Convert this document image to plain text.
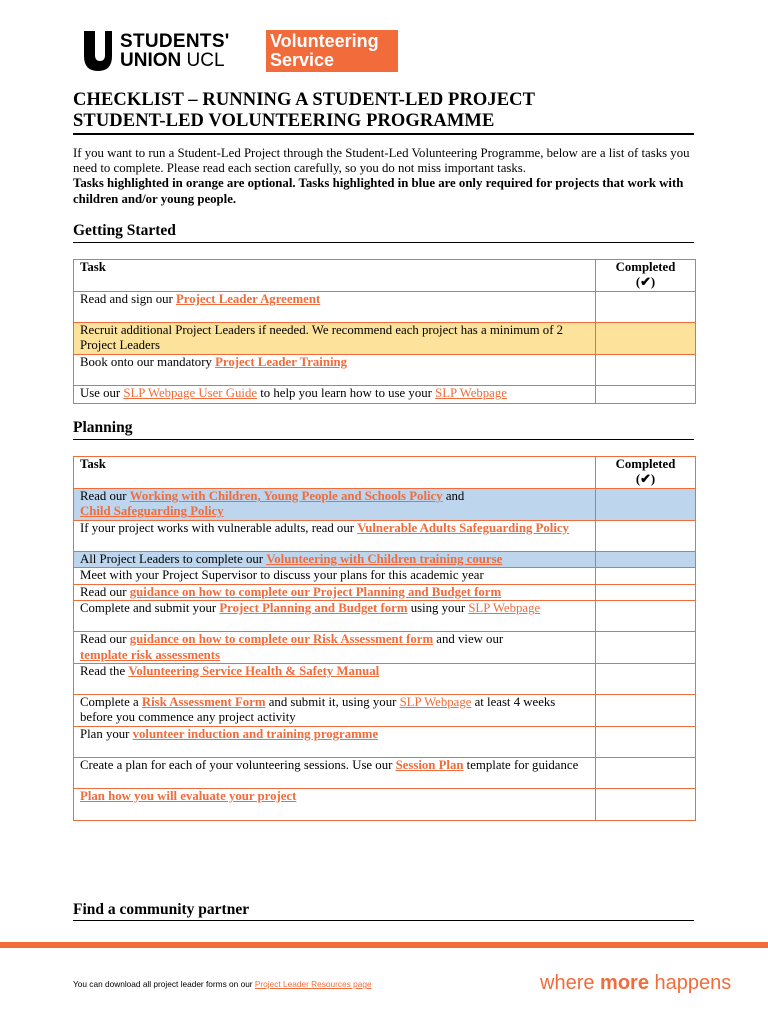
STUDENTS'
UNION UCL
Volunteering
Service
CHECKLIST – RUNNING A STUDENT-LED PROJECT
STUDENT-LED VOLUNTEERING PROGRAMME
If you want to run a Student-Led Project through the Student-Led Volunteering Programme, below are a list of tasks you need to complete. Please read each section carefully, so you do not miss important tasks.
Tasks highlighted in orange are optional. Tasks highlighted in blue are only required for projects that work with children and/or young people.
Getting Started
Task	Completed
(✔)
Read and sign our Project Leader Agreement	
Recruit additional Project Leaders if needed. We recommend each project has a minimum of 2 Project Leaders	
Book onto our mandatory Project Leader Training	
Use our SLP Webpage User Guide to help you learn how to use your SLP Webpage	
Planning
Task	Completed
(✔)
Read our Working with Children, Young People and Schools Policy and
Child Safeguarding Policy	
If your project works with vulnerable adults, read our Vulnerable Adults Safeguarding Policy	
All Project Leaders to complete our Volunteering with Children training course	
Meet with your Project Supervisor to discuss your plans for this academic year	
Read our guidance on how to complete our Project Planning and Budget form	
Complete and submit your Project Planning and Budget form using your SLP Webpage	
Read our guidance on how to complete our Risk Assessment form and view our
template risk assessments	
Read the Volunteering Service Health & Safety Manual	
Complete a Risk Assessment Form and submit it, using your SLP Webpage at least 4 weeks before you commence any project activity	
Plan your volunteer induction and training programme	
Create a plan for each of your volunteering sessions. Use our Session Plan template for guidance	
Plan how you will evaluate your project	
Find a community partner
You can download all project leader forms on our Project Leader Resources page	where more happens
